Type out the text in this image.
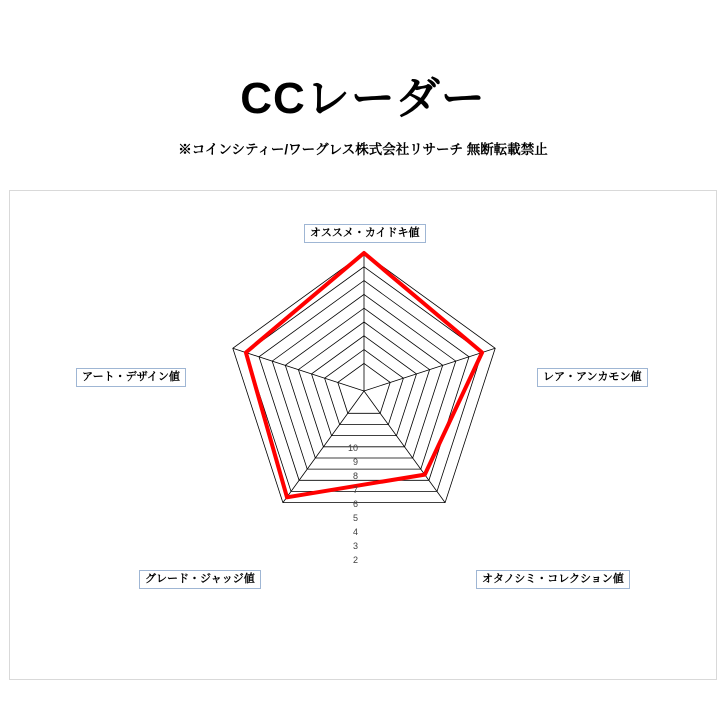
CCレーダー
※コインシティー/ワーグレス株式会社リサーチ 無断転載禁止
10
9
8
7
6
5
4
3
2
オススメ・カイドキ値
レア・アンカモン値
オタノシミ・コレクション値
グレード・ジャッジ値
アート・デザイン値
